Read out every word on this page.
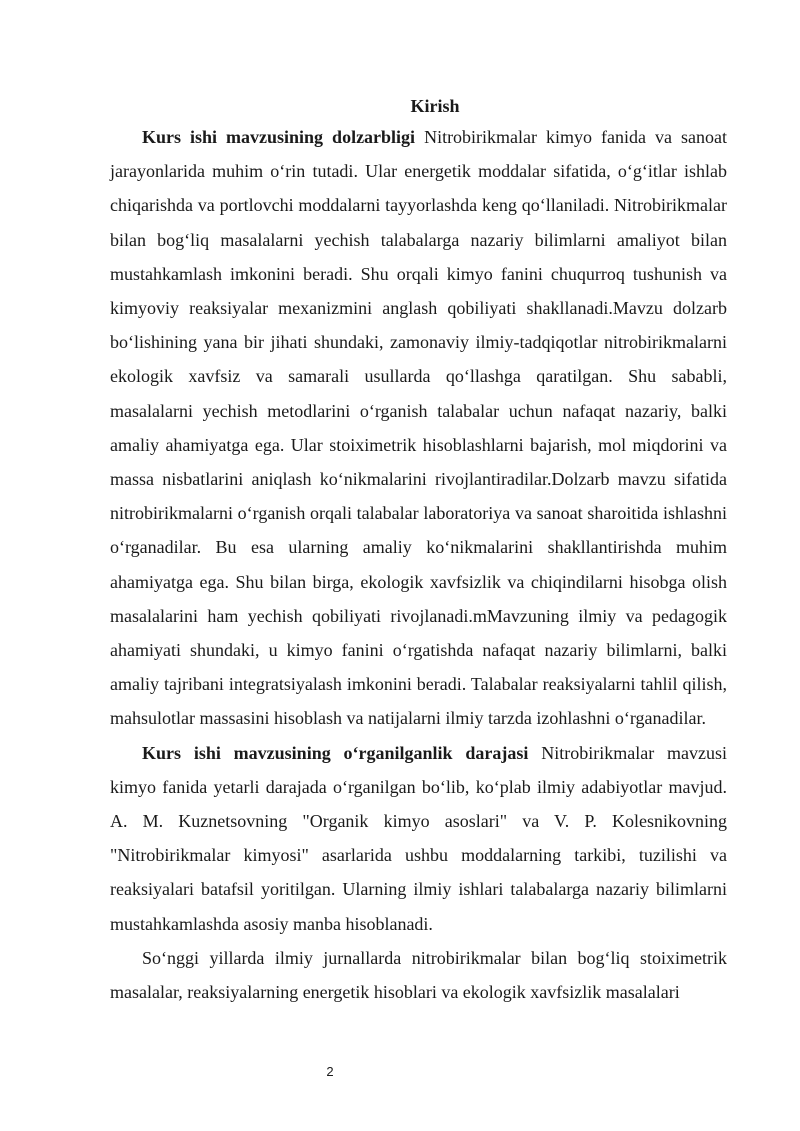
Kirish

Kurs ishi mavzusining dolzarbligi Nitrobirikmalar kimyo fanida va sanoat jarayonlarida muhim o‘rin tutadi. Ular energetik moddalar sifatida, o‘g‘itlar ishlab chiqarishda va portlovchi moddalarni tayyorlashda keng qo‘llaniladi. Nitrobirikmalar bilan bog‘liq masalalarni yechish talabalarga nazariy bilimlarni amaliyot bilan mustahkamlash imkonini beradi. Shu orqali kimyo fanini chuqurroq tushunish va kimyoviy reaksiyalar mexanizmini anglash qobiliyati shakllanadi.Mavzu dolzarb bo‘lishining yana bir jihati shundaki, zamonaviy ilmiy-tadqiqotlar nitrobirikmalarni ekologik xavfsiz va samarali usullarda qo‘llashga qaratilgan. Shu sababli, masalalarni yechish metodlarini o‘rganish talabalar uchun nafaqat nazariy, balki amaliy ahamiyatga ega. Ular stoiximetrik hisoblashlarni bajarish, mol miqdorini va massa nisbatlarini aniqlash ko‘nikmalarini rivojlantiradilar.Dolzarb mavzu sifatida nitrobirikmalarni o‘rganish orqali talabalar laboratoriya va sanoat sharoitida ishlashni o‘rganadilar. Bu esa ularning amaliy ko‘nikmalarini shakllantirishda muhim ahamiyatga ega. Shu bilan birga, ekologik xavfsizlik va chiqindilarni hisobga olish masalalarini ham yechish qobiliyati rivojlanadi.mMavzuning ilmiy va pedagogik ahamiyati shundaki, u kimyo fanini o‘rgatishda nafaqat nazariy bilimlarni, balki amaliy tajribani integratsiyalash imkonini beradi. Talabalar reaksiyalarni tahlil qilish, mahsulotlar massasini hisoblash va natijalarni ilmiy tarzda izohlashni o‘rganadilar.

Kurs ishi mavzusining o‘rganilganlik darajasi Nitrobirikmalar mavzusi kimyo fanida yetarli darajada o‘rganilgan bo‘lib, ko‘plab ilmiy adabiyotlar mavjud. A. M. Kuznetsovning "Organik kimyo asoslari" va V. P. Kolesnikovning "Nitrobirikmalar kimyosi" asarlarida ushbu moddalarning tarkibi, tuzilishi va reaksiyalari batafsil yoritilgan. Ularning ilmiy ishlari talabalarga nazariy bilimlarni mustahkamlashda asosiy manba hisoblanadi.

So‘nggi yillarda ilmiy jurnallarda nitrobirikmalar bilan bog‘liq stoiximetrik masalalar, reaksiyalarning energetik hisoblari va ekologik xavfsizlik masalalari

2
